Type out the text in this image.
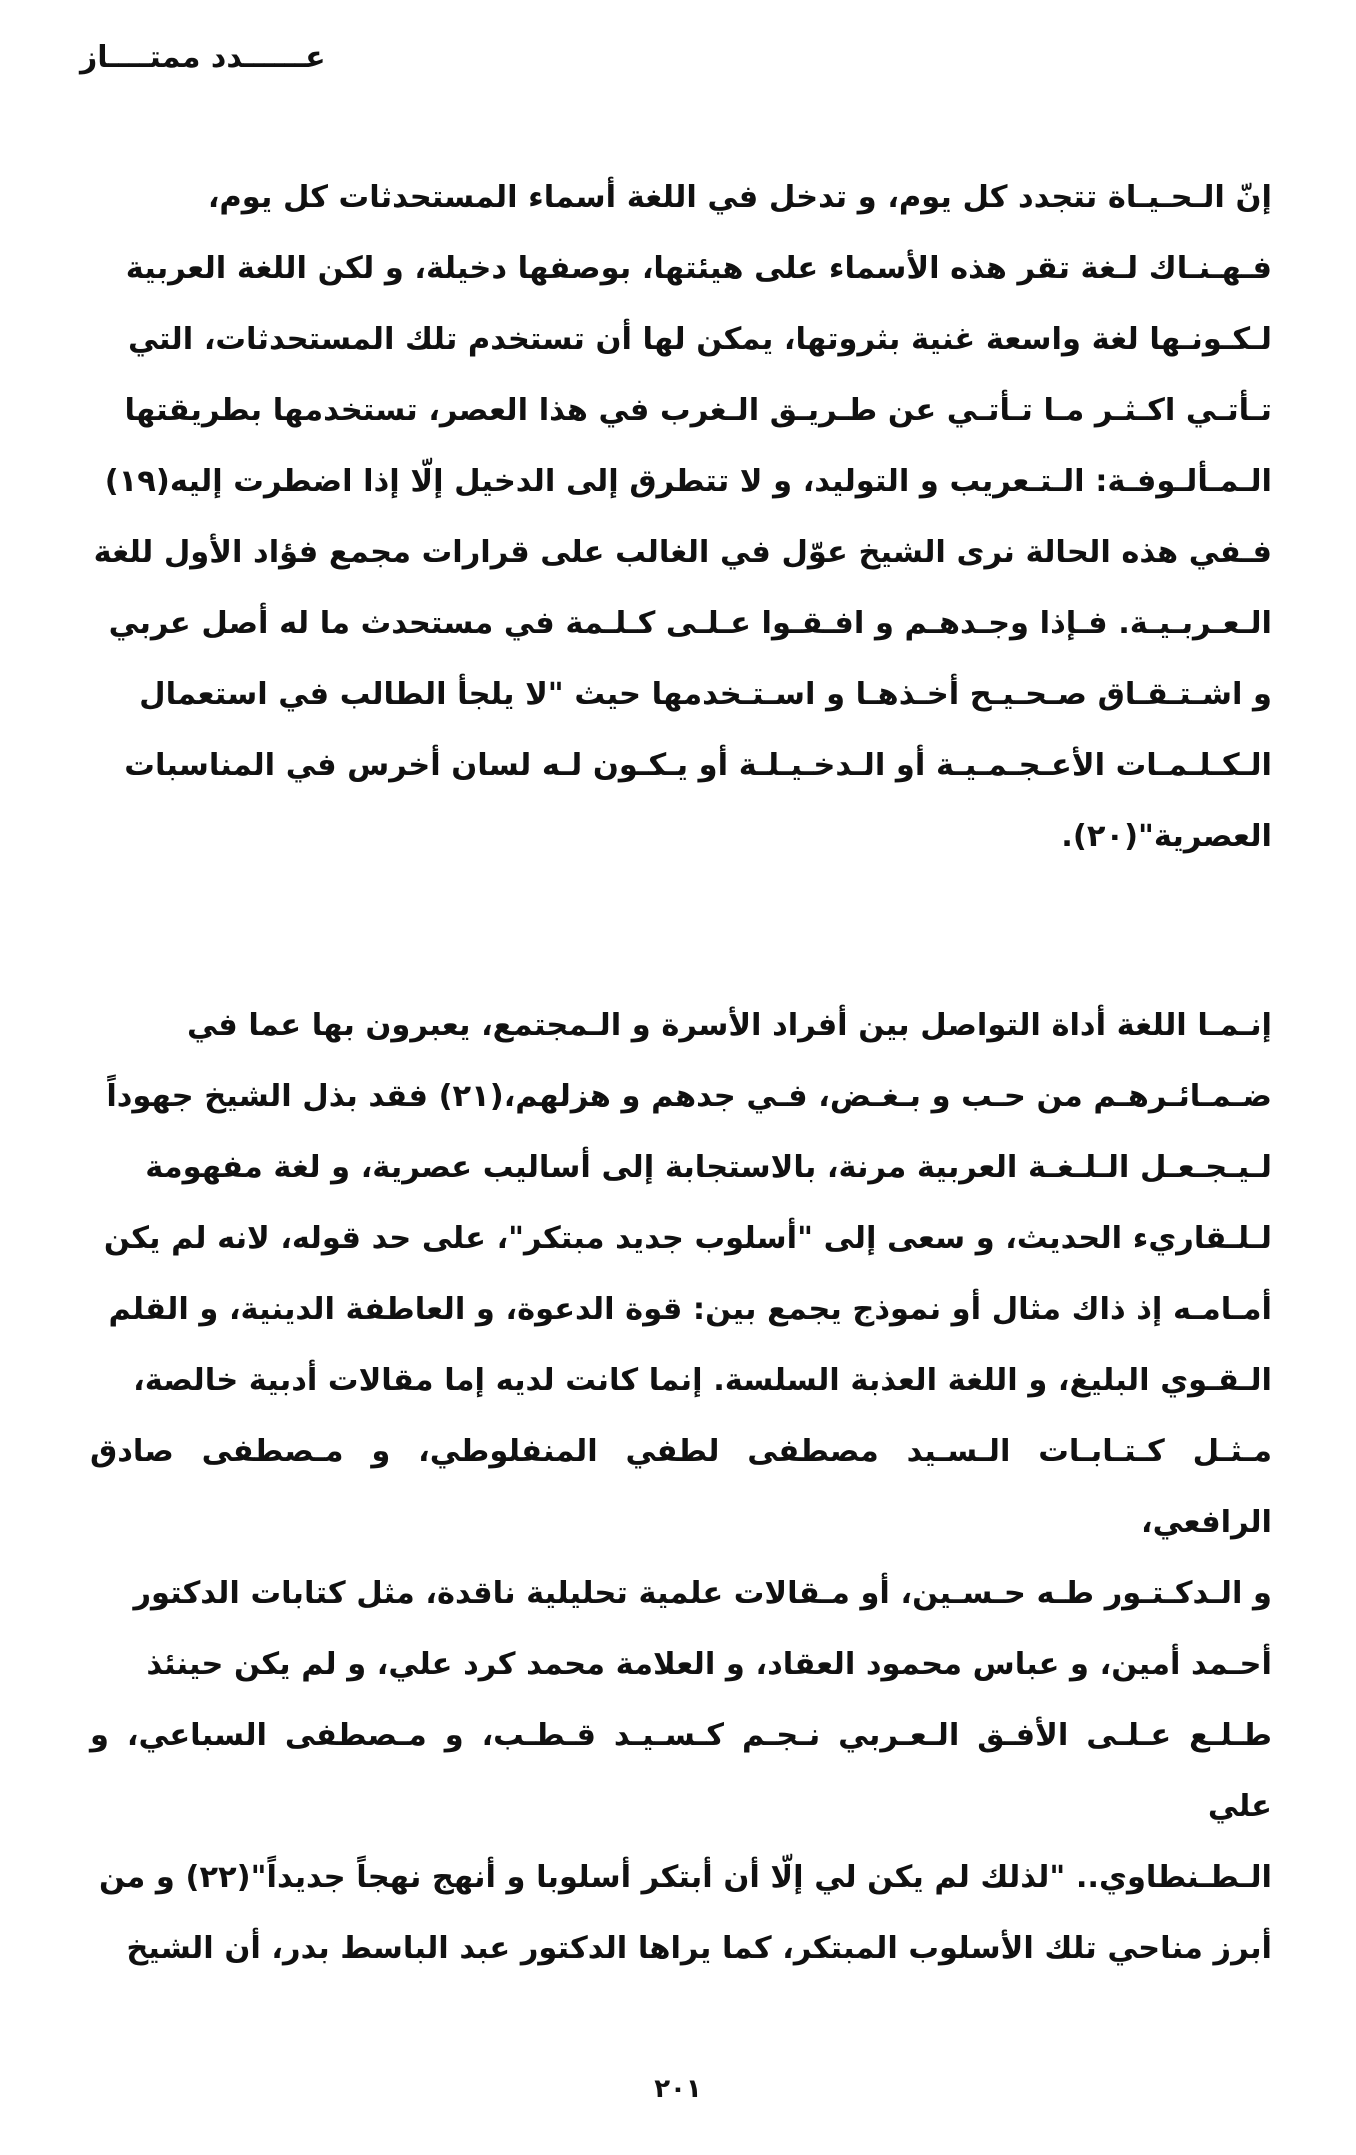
عــــــدد ممتــــاز

إنّ الـحـيـاة تتجدد كل يوم، و تدخل في اللغة أسماء المستحدثات كل يوم،

فـهـنـاك لـغة تقر هذه الأسماء على هيئتها، بوصفها دخيلة، و لكن اللغة العربية

لـكـونـها لغة واسعة غنية بثروتها، يمكن لها أن تستخدم تلك المستحدثات، التي

تـأتـي اكـثـر مـا تـأتـي عن طـريـق الـغرب في هذا العصر، تستخدمها بطريقتها

الـمـألـوفـة: الـتـعريب و التوليد، و لا تتطرق إلى الدخيل إلّا إذا اضطرت إليه(١٩)

فـفي هذه الحالة نرى الشيخ عوّل في الغالب على قرارات مجمع فؤاد الأول للغة

الـعـربـيـة. فـإذا وجـدهـم و افـقـوا عـلـى كـلـمة في مستحدث ما له أصل عربي

و اشـتـقـاق صـحـيـح أخـذهـا و اسـتـخدمها حيث "لا يلجأ الطالب في استعمال

الـكـلـمـات الأعـجـمـيـة أو الـدخـيـلـة أو يـكـون لـه لسان أخرس في المناسبات

العصرية"(٢٠).

إنـمـا اللغة أداة التواصل بين أفراد الأسرة و الـمجتمع، يعبرون بها عما في

ضـمـائـرهـم من حـب و بـغـض، فـي جدهم و هزلهم،(٢١) فقد بذل الشيخ جهوداً

لـيـجـعـل الـلـغـة العربية مرنة، بالاستجابة إلى أساليب عصرية، و لغة مفهومة

لـلـقاريء الحديث، و سعى إلى "أسلوب جديد مبتكر"، على حد قوله، لانه لم يكن

أمـامـه إذ ذاك مثال أو نموذج يجمع بين: قوة الدعوة، و العاطفة الدينية، و القلم

الـقـوي البليغ، و اللغة العذبة السلسة. إنما كانت لديه إما مقالات أدبية خالصة،

مـثـل كـتـابـات الـسـيد مصطفى لطفي المنفلوطي، و مـصطفى صادق الرافعي،

و الـدكـتـور طـه حـسـين، أو مـقالات علمية تحليلية ناقدة، مثل كتابات الدكتور

أحـمد أمين، و عباس محمود العقاد، و العلامة محمد كرد علي، و لم يكن حينئذ

طـلـع عـلـى الأفـق الـعـربي نـجـم كـسـيـد قـطـب، و مـصطفى السباعي، و علي

الـطـنطاوي.. "لذلك لم يكن لي إلّا أن أبتكر أسلوبا و أنهج نهجاً جديداً"(٢٢) و من

أبرز مناحي تلك الأسلوب المبتكر، كما يراها الدكتور عبد الباسط بدر، أن الشيخ

٢٠١
